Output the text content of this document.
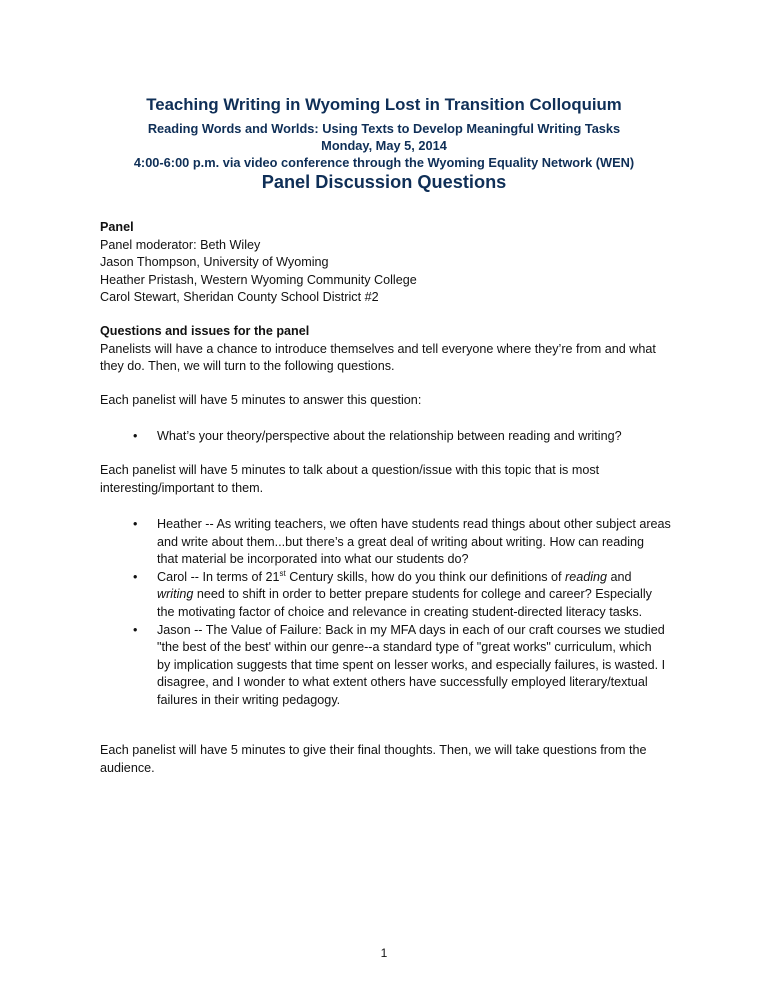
Teaching Writing in Wyoming Lost in Transition Colloquium
Reading Words and Worlds: Using Texts to Develop Meaningful Writing Tasks
Monday, May 5, 2014
4:00-6:00 p.m. via video conference through the Wyoming Equality Network (WEN)
Panel Discussion Questions
Panel
Panel moderator: Beth Wiley
Jason Thompson, University of Wyoming
Heather Pristash, Western Wyoming Community College
Carol Stewart, Sheridan County School District #2
Questions and issues for the panel
Panelists will have a chance to introduce themselves and tell everyone where they’re from and what
they do. Then, we will turn to the following questions.
Each panelist will have 5 minutes to answer this question:
• What’s your theory/perspective about the relationship between reading and writing?
Each panelist will have 5 minutes to talk about a question/issue with this topic that is most
interesting/important to them.
• Heather -- As writing teachers, we often have students read things about other subject areas
and write about them...but there’s a great deal of writing about writing. How can reading
that material be incorporated into what our students do?
• Carol -- In terms of 21st Century skills, how do you think our definitions of reading and
writing need to shift in order to better prepare students for college and career? Especially
the motivating factor of choice and relevance in creating student-directed literacy tasks.
• Jason -- The Value of Failure: Back in my MFA days in each of our craft courses we studied
"the best of the best' within our genre--a standard type of "great works" curriculum, which
by implication suggests that time spent on lesser works, and especially failures, is wasted. I
disagree, and I wonder to what extent others have successfully employed literary/textual
failures in their writing pedagogy.
Each panelist will have 5 minutes to give their final thoughts. Then, we will take questions from the
audience.
1
